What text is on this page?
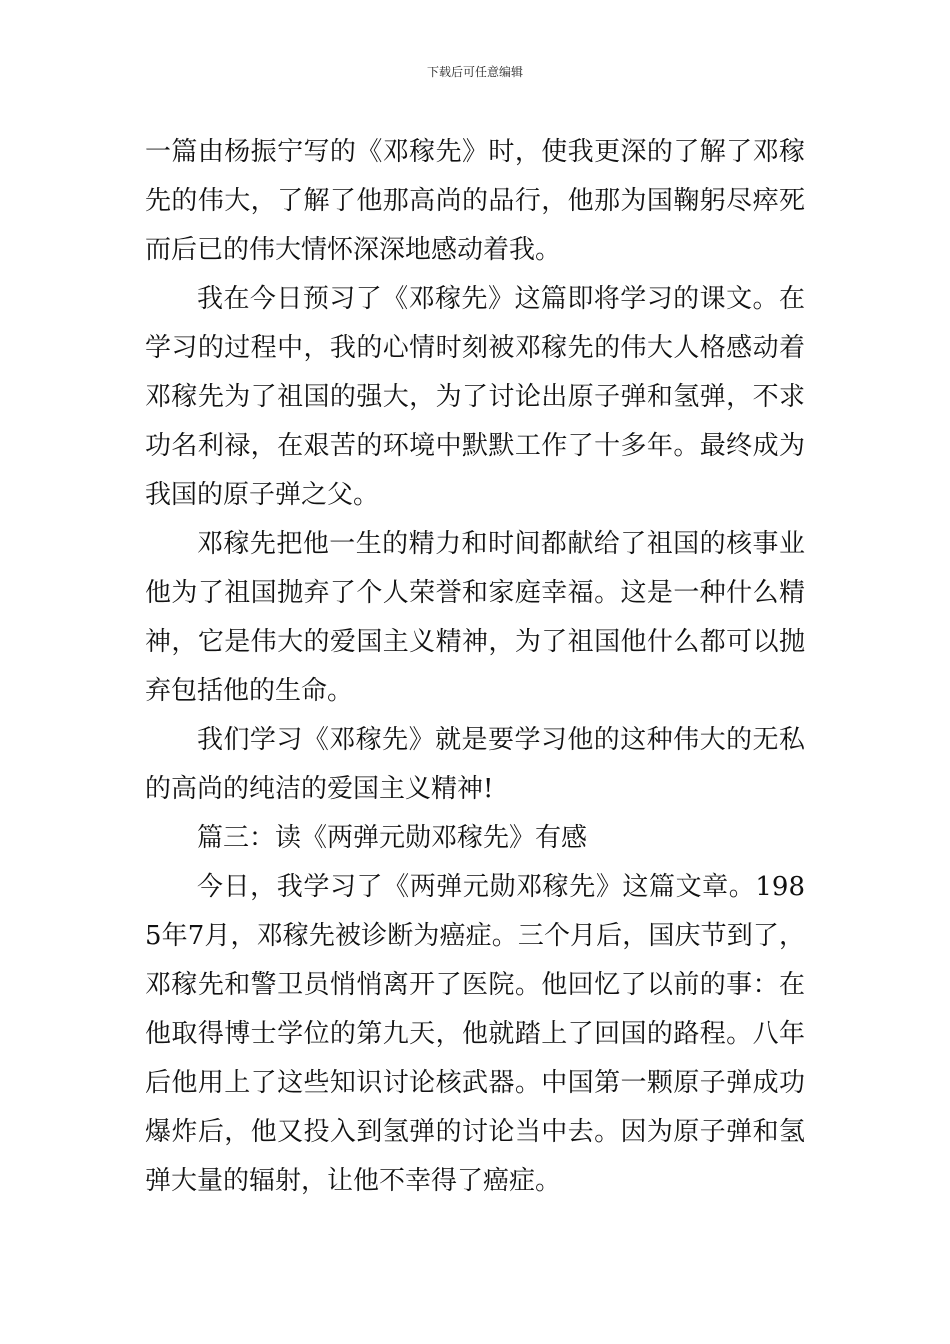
下载后可任意编辑

一篇由杨振宁写的《邓稼先》时，使我更深的了解了邓稼先的伟大，了解了他那高尚的品行，他那为国鞠躬尽瘁死而后已的伟大情怀深深地感动着我。

我在今日预习了《邓稼先》这篇即将学习的课文。在学习的过程中，我的心情时刻被邓稼先的伟大人格感动着邓稼先为了祖国的强大，为了讨论出原子弹和氢弹，不求功名利禄，在艰苦的环境中默默工作了十多年。最终成为我国的原子弹之父。

邓稼先把他一生的精力和时间都献给了祖国的核事业他为了祖国抛弃了个人荣誉和家庭幸福。这是一种什么精神，它是伟大的爱国主义精神，为了祖国他什么都可以抛弃包括他的生命。

我们学习《邓稼先》就是要学习他的这种伟大的无私的高尚的纯洁的爱国主义精神!

篇三：读《两弹元勋邓稼先》有感

今日，我学习了《两弹元勋邓稼先》这篇文章。1985年7月，邓稼先被诊断为癌症。三个月后，国庆节到了，邓稼先和警卫员悄悄离开了医院。他回忆了以前的事：在他取得博士学位的第九天，他就踏上了回国的路程。八年后他用上了这些知识讨论核武器。中国第一颗原子弹成功爆炸后，他又投入到氢弹的讨论当中去。因为原子弹和氢弹大量的辐射，让他不幸得了癌症。
